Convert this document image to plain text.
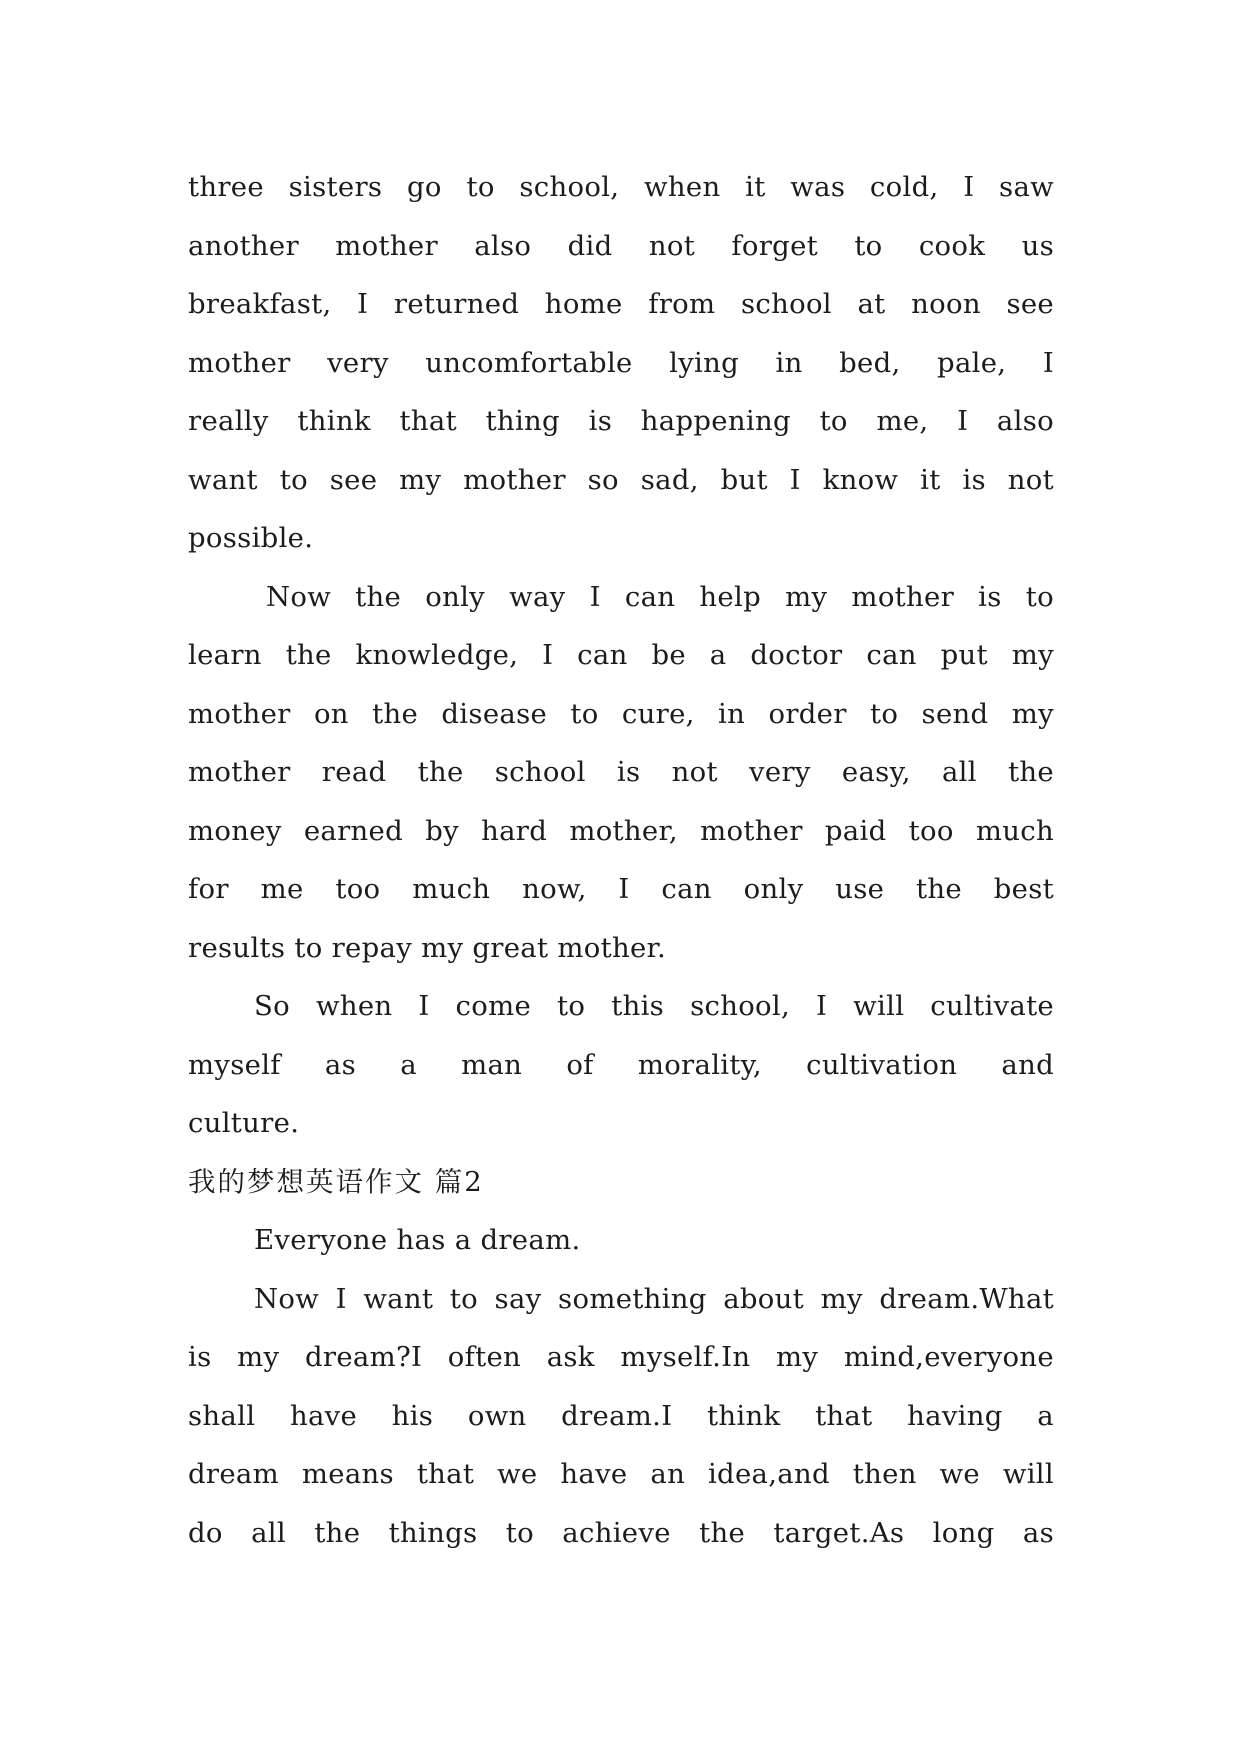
three sisters go to school, when it was cold, I saw
another mother also did not forget to cook us
breakfast, I returned home from school at noon see
mother very uncomfortable lying in bed, pale, I
really think that thing is happening to me, I also
want to see my mother so sad, but I know it is not
possible.
Now the only way I can help my mother is to
learn the knowledge, I can be a doctor can put my
mother on the disease to cure, in order to send my
mother read the school is not very easy, all the
money earned by hard mother, mother paid too much
for me too much now, I can only use the best
results to repay my great mother.
So when I come to this school, I will cultivate
myself as a man of morality, cultivation and
culture.
我的梦想英语作文 篇2
Everyone has a dream.
Now I want to say something about my dream.What
is my dream?I often ask myself.In my mind,everyone
shall have his own dream.I think that having a
dream means that we have an idea,and then we will
do all the things to achieve the target.As long as
